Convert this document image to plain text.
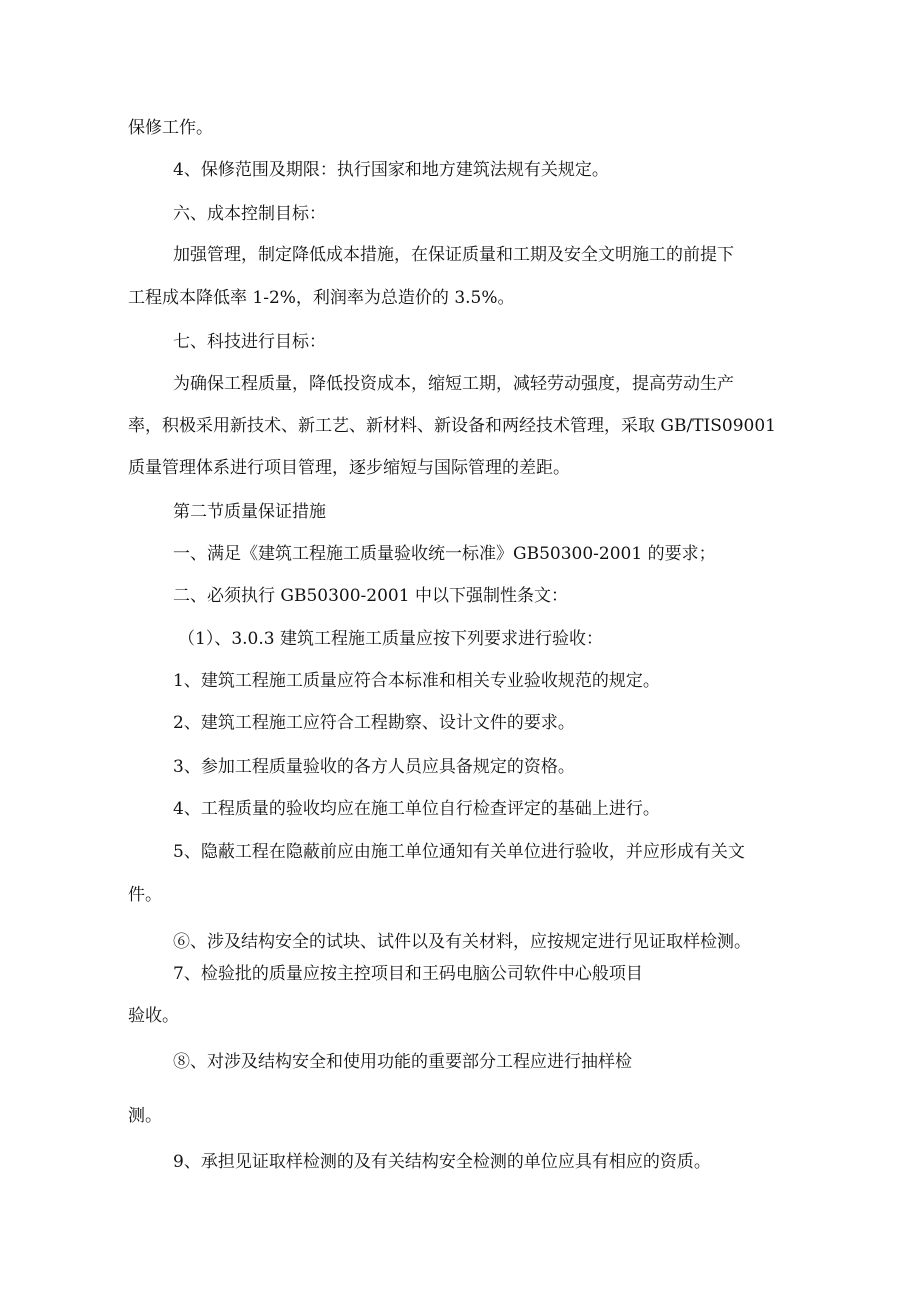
保修工作。
4、保修范围及期限：执行国家和地方建筑法规有关规定。
六、成本控制目标：
加强管理，制定降低成本措施，在保证质量和工期及安全文明施工的前提下
工程成本降低率 1-2%，利润率为总造价的 3.5%。
七、科技进行目标：
为确保工程质量，降低投资成本，缩短工期，减轻劳动强度，提高劳动生产
率，积极采用新技术、新工艺、新材料、新设备和两经技术管理，采取 GB/TIS09001
质量管理体系进行项目管理，逐步缩短与国际管理的差距。
第二节质量保证措施
一、满足《建筑工程施工质量验收统一标准》GB50300-2001 的要求；
二、必须执行 GB50300-2001 中以下强制性条文：
（1）、3.0.3 建筑工程施工质量应按下列要求进行验收：
1、建筑工程施工质量应符合本标准和相关专业验收规范的规定。
2、建筑工程施工应符合工程勘察、设计文件的要求。
3、参加工程质量验收的各方人员应具备规定的资格。
4、工程质量的验收均应在施工单位自行检查评定的基础上进行。
5、隐蔽工程在隐蔽前应由施工单位通知有关单位进行验收，并应形成有关文
件。
⑥、涉及结构安全的试块、试件以及有关材料，应按规定进行见证取样检测。
7、检验批的质量应按主控项目和王码电脑公司软件中心般项目
验收。
⑧、对涉及结构安全和使用功能的重要部分工程应进行抽样检
测。
9、承担见证取样检测的及有关结构安全检测的单位应具有相应的资质。
